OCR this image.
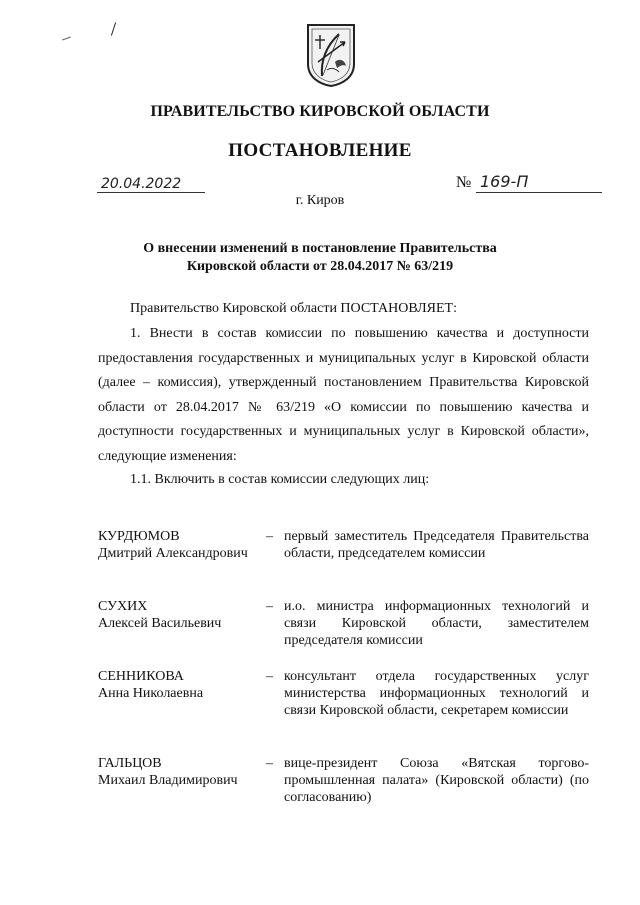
ПРАВИТЕЛЬСТВО КИРОВСКОЙ ОБЛАСТИ
ПОСТАНОВЛЕНИЕ
20.04.2022	№ 169-П
г. Киров
О внесении изменений в постановление Правительства
Кировской области от 28.04.2017 № 63/219
Правительство Кировской области ПОСТАНОВЛЯЕТ:
1. Внести в состав комиссии по повышению качества и доступности предоставления государственных и муниципальных услуг в Кировской области (далее – комиссия), утвержденный постановлением Правительства Кировской области от 28.04.2017 № 63/219 «О комиссии по повышению качества и доступности государственных и муниципальных услуг в Кировской области», следующие изменения:
1.1. Включить в состав комиссии следующих лиц:
КУРДЮМОВ
Дмитрий Александрович
– первый заместитель Председателя Правительства области, председателем комиссии
СУХИХ
Алексей Васильевич
– и.о. министра информационных технологий и связи Кировской области, заместителем председателя комиссии
СЕННИКОВА
Анна Николаевна
– консультант отдела государственных услуг министерства информационных технологий и связи Кировской области, секретарем комиссии
ГАЛЬЦОВ
Михаил Владимирович
– вице-президент Союза «Вятская торгово-промышленная палата» (Кировской области) (по согласованию)
